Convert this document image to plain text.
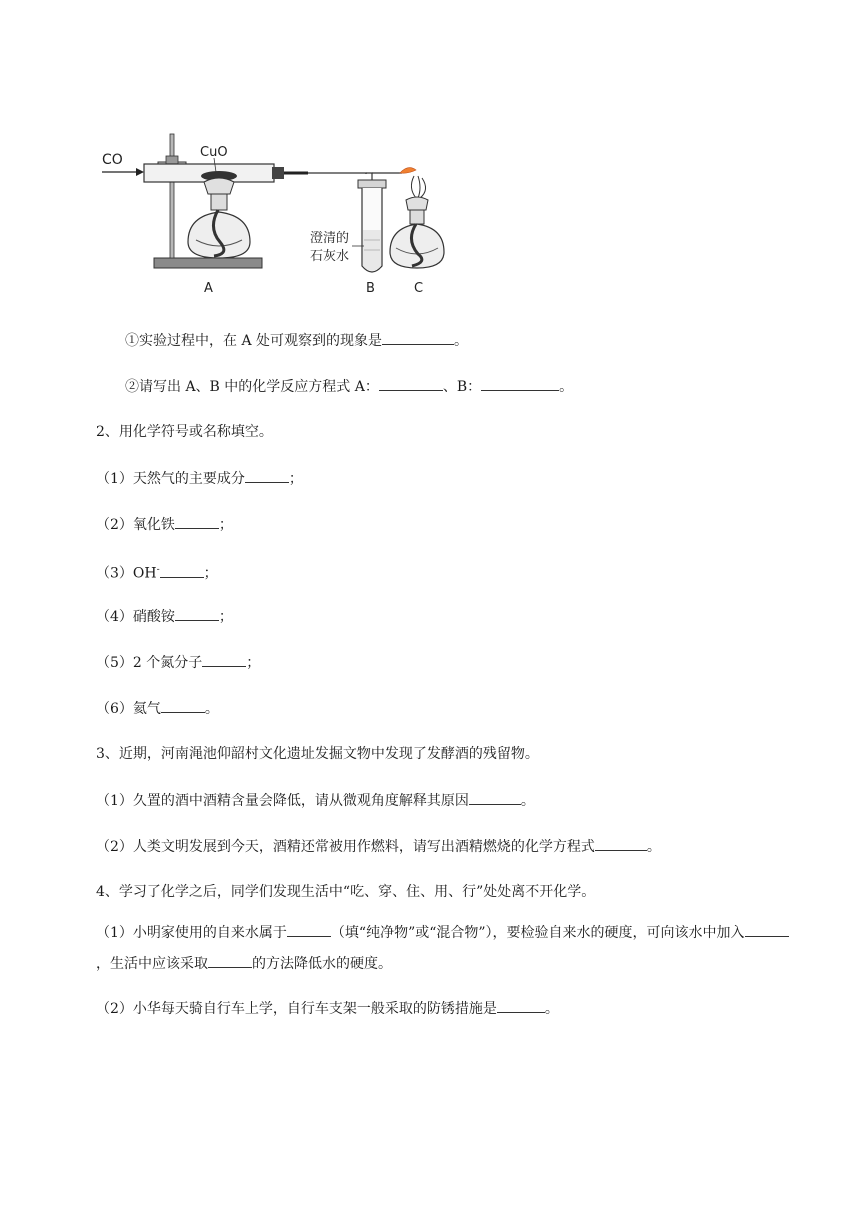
CO	CuO
澄清的
石灰水
A	B	C
①实验过程中，在 A 处可观察到的现象是	。
②请写出 A、B 中的化学反应方程式 A：	、B：	。
2、用化学符号或名称填空。
（1）天然气的主要成分	；
（2）氧化铁	；
（3）OH-	；
（4）硝酸铵	；
（5）2 个氮分子	；
（6）氦气	。
3、近期，河南渑池仰韶村文化遗址发掘文物中发现了发酵酒的残留物。
（1）久置的酒中酒精含量会降低，请从微观角度解释其原因	。
（2）人类文明发展到今天，酒精还常被用作燃料，请写出酒精燃烧的化学方程式	。
4、学习了化学之后，同学们发现生活中“吃、穿、住、用、行”处处离不开化学。
（1）小明家使用的自来水属于	（填“纯净物”或“混合物”），要检验自来水的硬度，可向该水中加入，生活中应该采取	的方法降低水的硬度。
（2）小华每天骑自行车上学，自行车支架一般采取的防锈措施是	。
